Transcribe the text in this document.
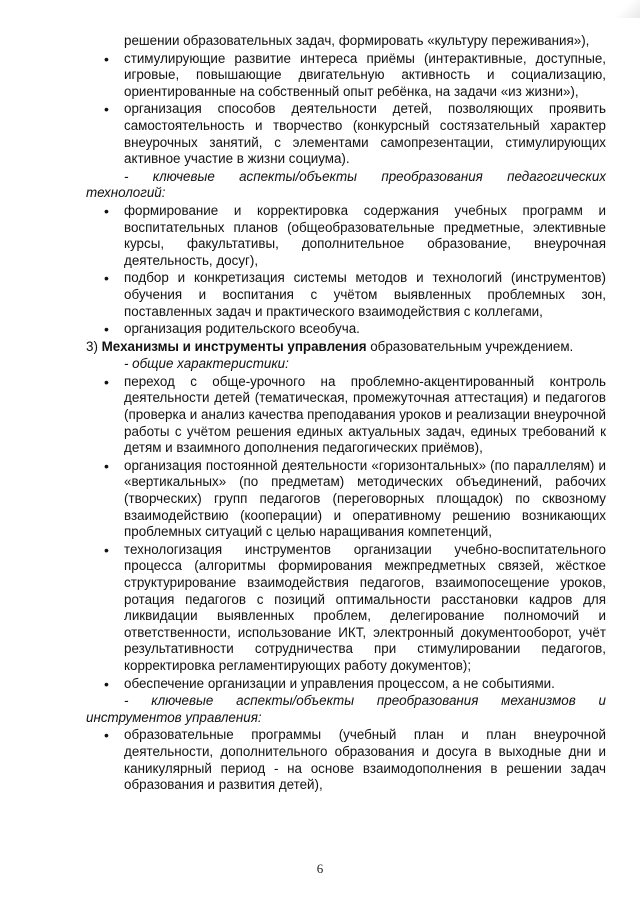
решении образовательных задач, формировать «культуру переживания»),

• стимулирующие развитие интереса приёмы (интерактивные, доступные, игровые, повышающие двигательную активность и социализацию, ориентированные на собственный опыт ребёнка, на задачи «из жизни»),
• организация способов деятельности детей, позволяющих проявить самостоятельность и творчество (конкурсный состязательный характер внеурочных занятий, с элементами самопрезентации, стимулирующих активное участие в жизни социума).

- ключевые аспекты/объекты преобразования педагогических технологий:

• формирование и корректировка содержания учебных программ и воспитательных планов (общеобразовательные предметные, элективные курсы, факультативы, дополнительное образование, внеурочная деятельность, досуг),
• подбор и конкретизация системы методов и технологий (инструментов) обучения и воспитания с учётом выявленных проблемных зон, поставленных задач и практического взаимодействия с коллегами,
• организация родительского всеобуча.

3) Механизмы и инструменты управления образовательным учреждением.

- общие характеристики:

• переход с обще-урочного на проблемно-акцентированный контроль деятельности детей (тематическая, промежуточная аттестация) и педагогов (проверка и анализ качества преподавания уроков и реализации внеурочной работы с учётом решения единых актуальных задач, единых требований к детям и взаимного дополнения педагогических приёмов),
• организация постоянной деятельности «горизонтальных» (по параллелям) и «вертикальных» (по предметам) методических объединений, рабочих (творческих) групп педагогов (переговорных площадок) по сквозному взаимодействию (кооперации) и оперативному решению возникающих проблемных ситуаций с целью наращивания компетенций,
• технологизация инструментов организации учебно-воспитательного процесса (алгоритмы формирования межпредметных связей, жёсткое структурирование взаимодействия педагогов, взаимопосещение уроков, ротация педагогов с позиций оптимальности расстановки кадров для ликвидации выявленных проблем, делегирование полномочий и ответственности, использование ИКТ, электронный документооборот, учёт результативности сотрудничества при стимулировании педагогов, корректировка регламентирующих работу документов);
• обеспечение организации и управления процессом, а не событиями.

- ключевые аспекты/объекты преобразования механизмов и инструментов управления:

• образовательные программы (учебный план и план внеурочной деятельности, дополнительного образования и досуга в выходные дни и каникулярный период - на основе взаимодополнения в решении задач образования и развития детей),
6
